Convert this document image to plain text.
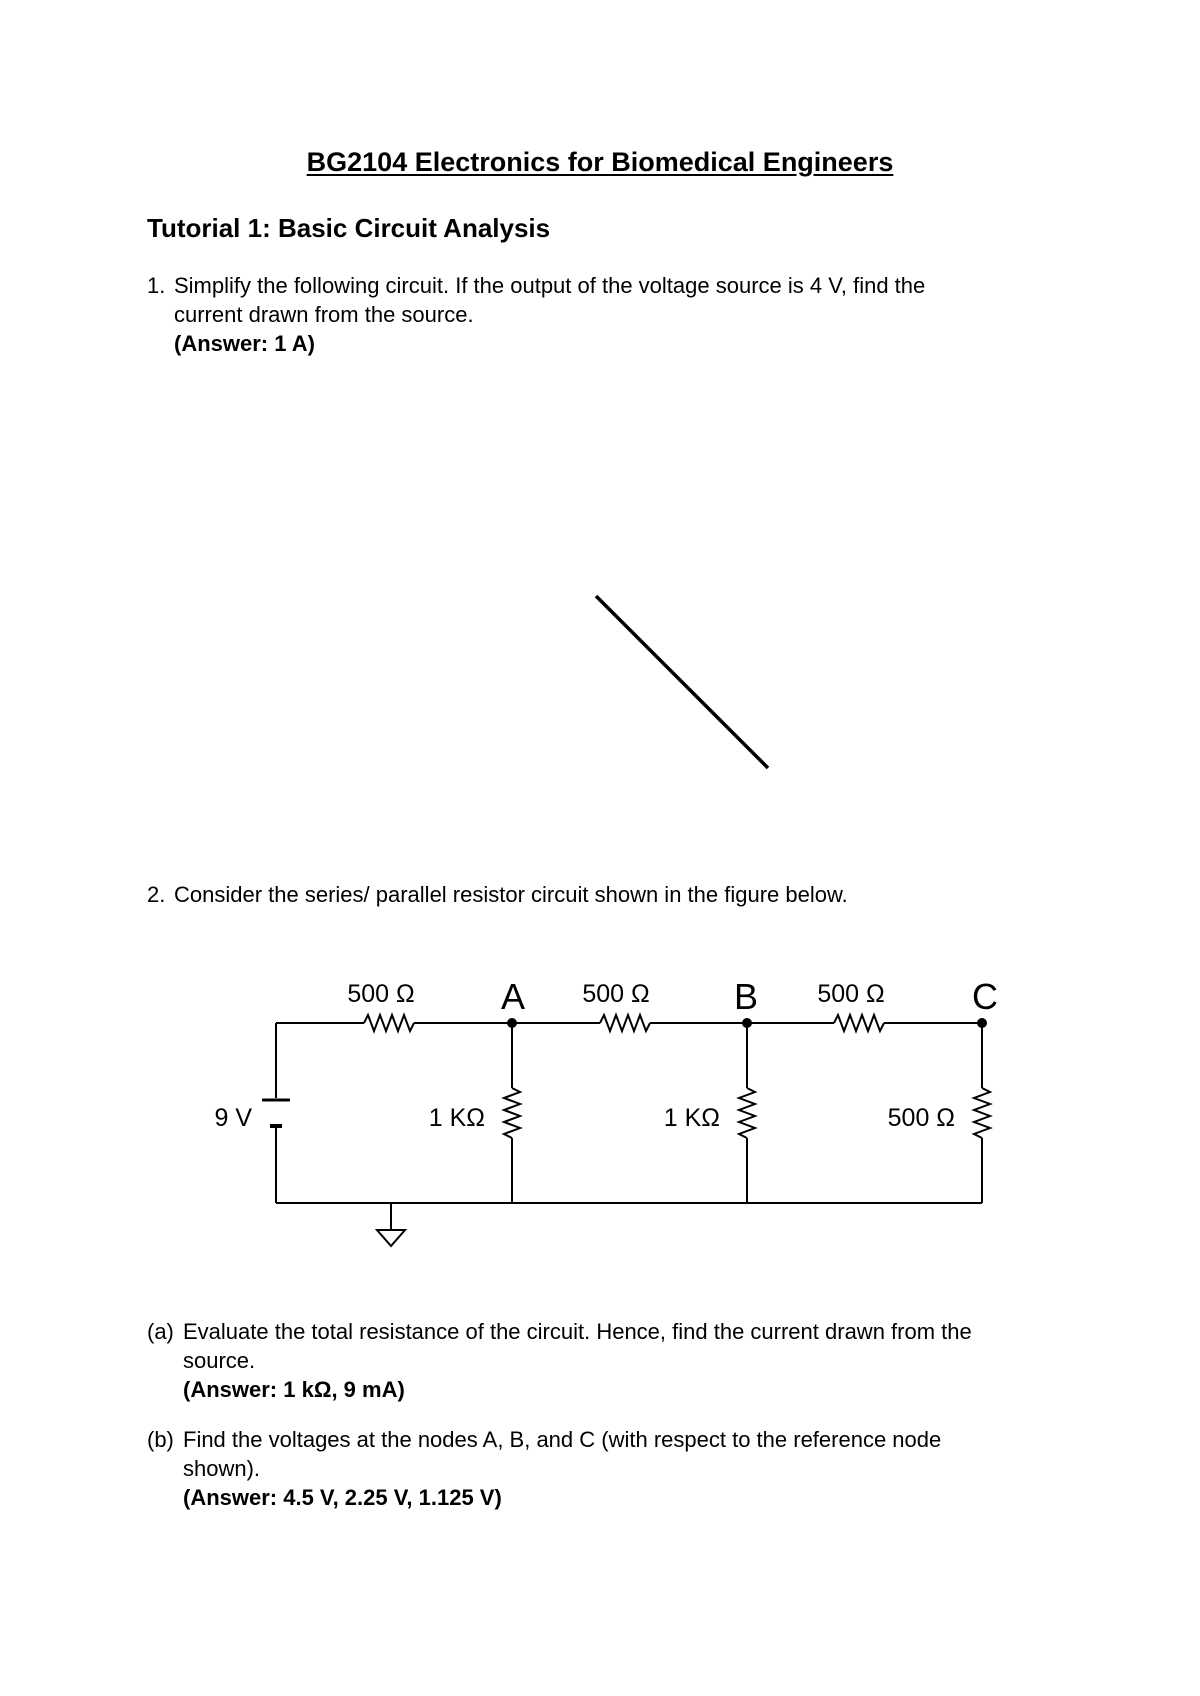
BG2104 Electronics for Biomedical Engineers
Tutorial 1: Basic Circuit Analysis
1. Simplify the following circuit. If the output of the voltage source is 4 V, find the
current drawn from the source.
(Answer: 1 A)
2. Consider the series/ parallel resistor circuit shown in the figure below.
500 Ω	500 Ω	500 Ω
A	B	C
9 V	1 KΩ	1 KΩ	500 Ω
(a) Evaluate the total resistance of the circuit. Hence, find the current drawn from the
source.
(Answer: 1 kΩ, 9 mA)
(b) Find the voltages at the nodes A, B, and C (with respect to the reference node
shown).
(Answer: 4.5 V, 2.25 V, 1.125 V)
